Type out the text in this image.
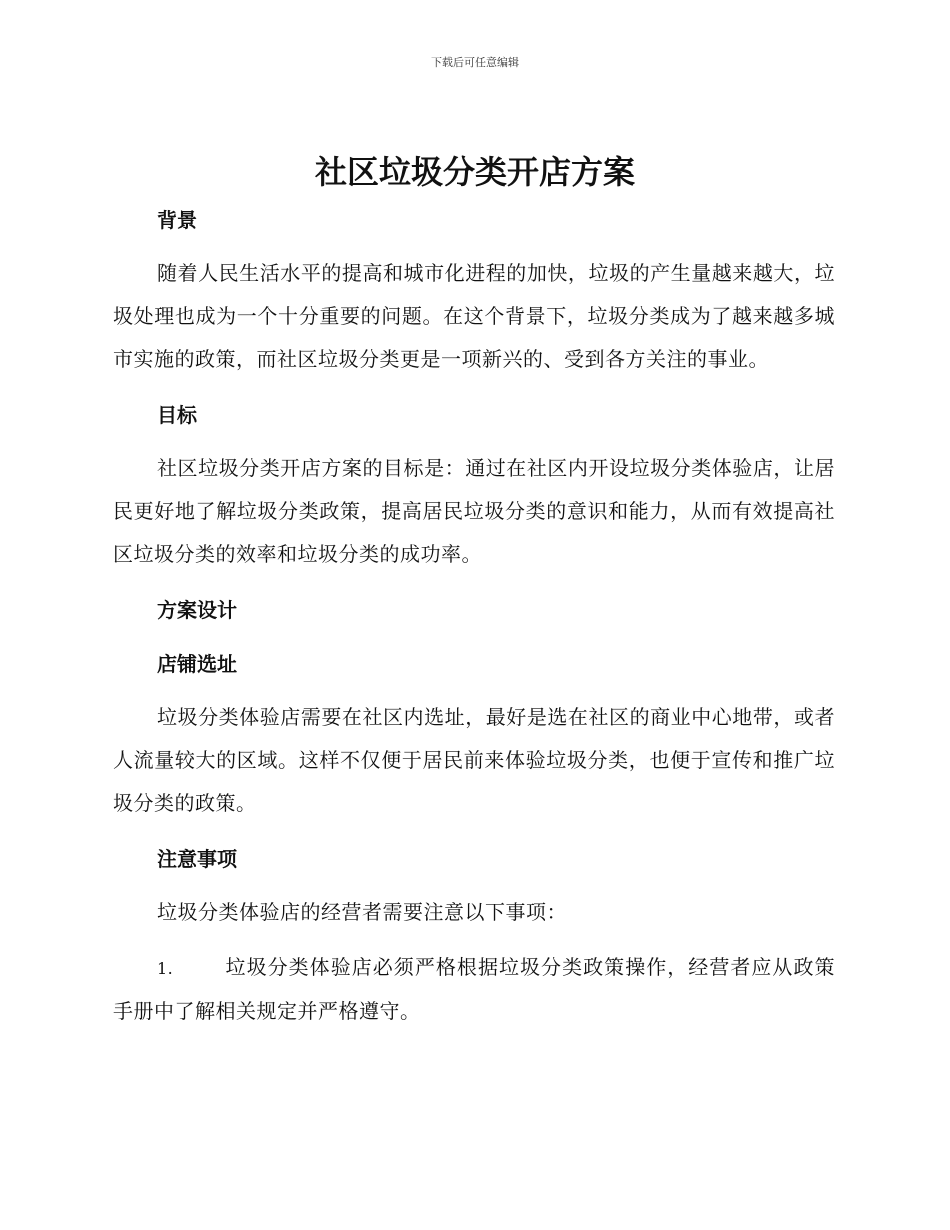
下载后可任意编辑
社区垃圾分类开店方案
背景

随着人民生活水平的提高和城市化进程的加快，垃圾的产生量越来越大，垃圾处理也成为一个十分重要的问题。在这个背景下，垃圾分类成为了越来越多城市实施的政策，而社区垃圾分类更是一项新兴的、受到各方关注的事业。

目标

社区垃圾分类开店方案的目标是：通过在社区内开设垃圾分类体验店，让居民更好地了解垃圾分类政策，提高居民垃圾分类的意识和能力，从而有效提高社区垃圾分类的效率和垃圾分类的成功率。

方案设计
店铺选址

垃圾分类体验店需要在社区内选址，最好是选在社区的商业中心地带，或者人流量较大的区域。这样不仅便于居民前来体验垃圾分类，也便于宣传和推广垃圾分类的政策。

注意事项

垃圾分类体验店的经营者需要注意以下事项：

1.	垃圾分类体验店必须严格根据垃圾分类政策操作，经营者应从政策手册中了解相关规定并严格遵守。
